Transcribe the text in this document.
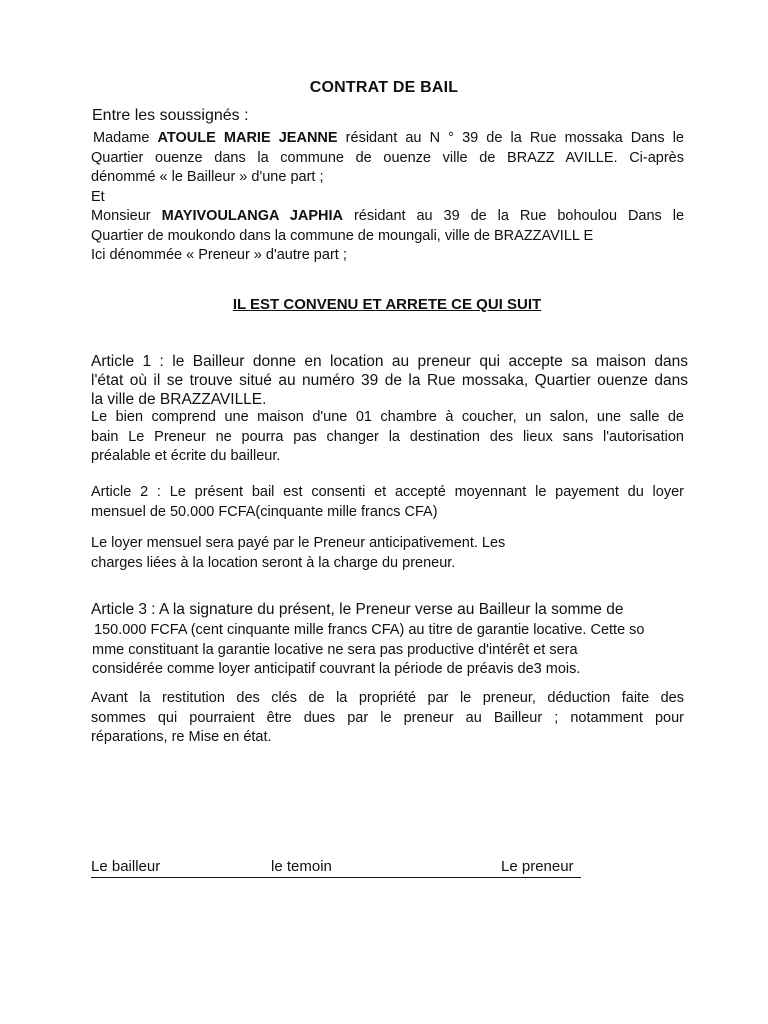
CONTRAT DE BAIL
Entre les soussignés :
Madame ATOULE MARIE JEANNE résidant au N ° 39 de la Rue mossaka Dans le
Quartier ouenze dans la commune de ouenze ville de BRAZZ AVILLE. Ci-après
dénommé « le Bailleur » d'une part ;
Et
Monsieur MAYIVOULANGA JAPHIA résidant au 39 de la Rue bohoulou Dans le
Quartier de moukondo dans la commune de moungali, ville de BRAZZAVILL E
Ici dénommée « Preneur » d'autre part ;
IL EST CONVENU ET ARRETE CE QUI SUIT
Article 1 : le Bailleur donne en location au preneur qui accepte sa maison dans
l'état où il se trouve situé au numéro 39 de la Rue mossaka, Quartier ouenze dans
la ville de BRAZZAVILLE.
Le bien comprend une maison d'une 01 chambre à coucher, un salon, une salle de
bain Le Preneur ne pourra pas changer la destination des lieux sans l'autorisation
préalable et écrite du bailleur.
Article 2 : Le présent bail est consenti et accepté moyennant le payement du loyer
mensuel de 50.000 FCFA(cinquante mille francs CFA)
Le loyer mensuel sera payé par le Preneur anticipativement. Les
charges liées à la location seront à la charge du preneur.
Article 3 : A la signature du présent, le Preneur verse au Bailleur la somme de
150.000 FCFA (cent cinquante mille francs CFA) au titre de garantie locative. Cette so
mme constituant la garantie locative ne sera pas productive d'intérêt et sera
considérée comme loyer anticipatif couvrant la période de préavis de3 mois.
Avant la restitution des clés de la propriété par le preneur, déduction faite des
sommes qui pourraient être dues par le preneur au Bailleur ; notamment pour
réparations, re Mise en état.
Le bailleur	le temoin	Le preneur
